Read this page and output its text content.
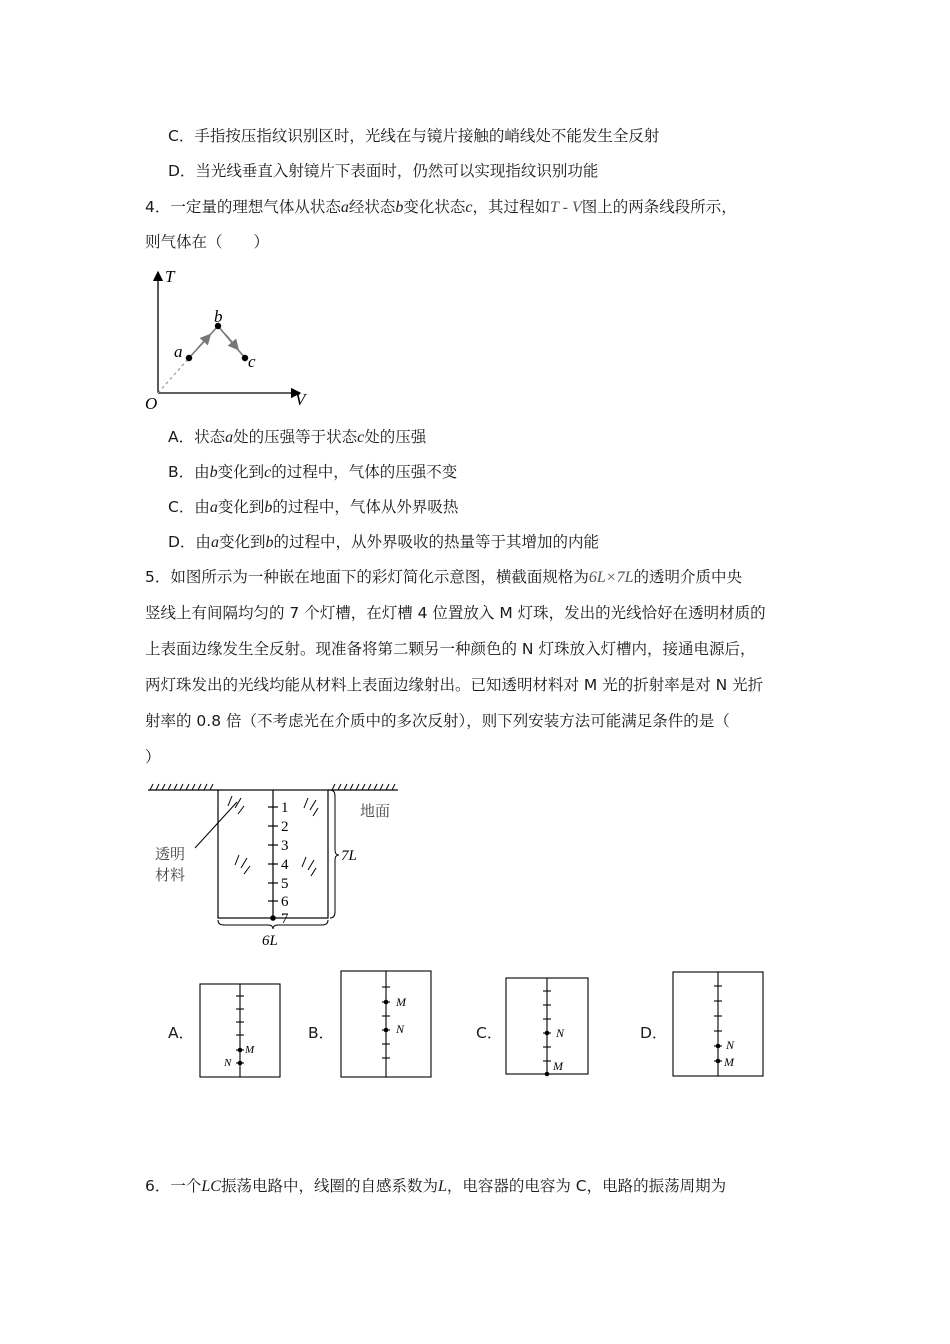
C．手指按压指纹识别区时，光线在与镜片接触的峭线处不能发生全反射
D．当光线垂直入射镜片下表面时，仍然可以实现指纹识别功能
4．一定量的理想气体从状态a经状态b变化状态c，其过程如T - V图上的两条线段所示，
则气体在（　　）
T
V
O
a
b
c
A．状态a处的压强等于状态c处的压强
B．由b变化到c的过程中，气体的压强不变
C．由a变化到b的过程中，气体从外界吸热
D．由a变化到b的过程中，从外界吸收的热量等于其增加的内能
5．如图所示为一种嵌在地面下的彩灯简化示意图，横截面规格为6L×7L的透明介质中央
竖线上有间隔均匀的 7 个灯槽，在灯槽 4 位置放入 M 灯珠，发出的光线恰好在透明材质的
上表面边缘发生全反射。现准备将第二颗另一种颜色的 N 灯珠放入灯槽内，接通电源后，
两灯珠发出的光线均能从材料上表面边缘射出。已知透明材料对 M 光的折射率是对 N 光折
射率的 0.8 倍（不考虑光在介质中的多次反射），则下列安装方法可能满足条件的是（
）
1
2
3
4
5
6
7
7L
6L
地面
透明
材料
A．
M
N
B．
M
N	C．	N
M
D．
N
M
6．一个LC振荡电路中，线圈的自感系数为L，电容器的电容为 C，电路的振荡周期为
